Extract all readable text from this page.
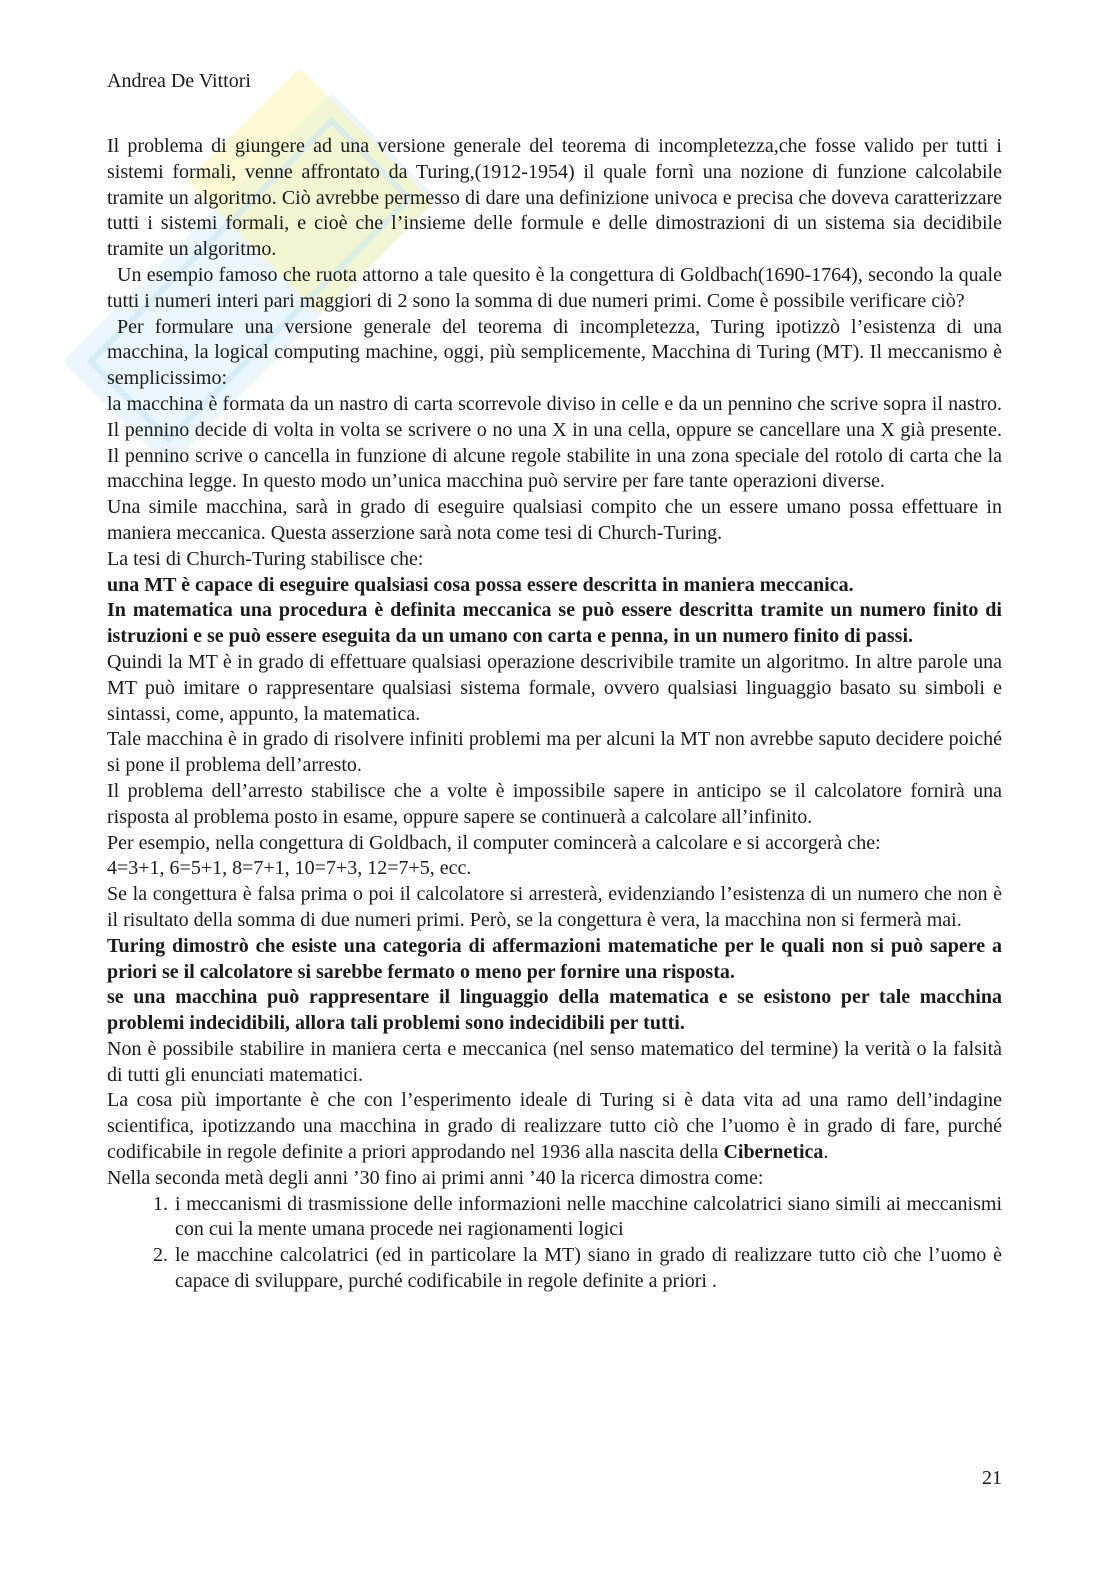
Andrea De Vittori

Il problema di giungere ad una versione generale del teorema di incompletezza,che fosse valido per tutti i sistemi formali, venne affrontato da Turing,(1912-1954) il quale fornì una nozione di funzione calcolabile tramite un algoritmo. Ciò avrebbe permesso di dare una definizione univoca e precisa che doveva caratterizzare tutti i sistemi formali, e cioè che l’insieme delle formule e delle dimostrazioni di un sistema sia decidibile tramite un algoritmo.

Un esempio famoso che ruota attorno a tale quesito è la congettura di Goldbach(1690-1764), secondo la quale tutti i numeri interi pari maggiori di 2 sono la somma di due numeri primi. Come è possibile verificare ciò?

Per formulare una versione generale del teorema di incompletezza, Turing ipotizzò l’esistenza di una macchina, la logical computing machine, oggi, più semplicemente, Macchina di Turing (MT). Il meccanismo è semplicissimo:

la macchina è formata da un nastro di carta scorrevole diviso in celle e da un pennino che scrive sopra il nastro. Il pennino decide di volta in volta se scrivere o no una X in una cella, oppure se cancellare una X già presente. Il pennino scrive o cancella in funzione di alcune regole stabilite in una zona speciale del rotolo di carta che la macchina legge. In questo modo un’unica macchina può servire per fare tante operazioni diverse.

Una simile macchina, sarà in grado di eseguire qualsiasi compito che un essere umano possa effettuare in maniera meccanica. Questa asserzione sarà nota come tesi di Church-Turing.

La tesi di Church-Turing stabilisce che:

una MT è capace di eseguire qualsiasi cosa possa essere descritta in maniera meccanica.

In matematica una procedura è definita meccanica se può essere descritta tramite un numero finito di istruzioni e se può essere eseguita da un umano con carta e penna, in un numero finito di passi.

Quindi la MT è in grado di effettuare qualsiasi operazione descrivibile tramite un algoritmo. In altre parole una MT può imitare o rappresentare qualsiasi sistema formale, ovvero qualsiasi linguaggio basato su simboli e sintassi, come, appunto, la matematica.

Tale macchina è in grado di risolvere infiniti problemi ma per alcuni la MT non avrebbe saputo decidere poiché si pone il problema dell’arresto.

Il problema dell’arresto stabilisce che a volte è impossibile sapere in anticipo se il calcolatore fornirà una risposta al problema posto in esame, oppure sapere se continuerà a calcolare all’infinito.

Per esempio, nella congettura di Goldbach, il computer comincerà a calcolare e si accorgerà che:

4=3+1, 6=5+1, 8=7+1, 10=7+3, 12=7+5, ecc.

Se la congettura è falsa prima o poi il calcolatore si arresterà, evidenziando l’esistenza di un numero che non è il risultato della somma di due numeri primi. Però, se la congettura è vera, la macchina non si fermerà mai.

Turing dimostrò che esiste una categoria di affermazioni matematiche per le quali non si può sapere a priori se il calcolatore si sarebbe fermato o meno per fornire una risposta.

se una macchina può rappresentare il linguaggio della matematica e se esistono per tale macchina problemi indecidibili, allora tali problemi sono indecidibili per tutti.

Non è possibile stabilire in maniera certa e meccanica (nel senso matematico del termine) la verità o la falsità di tutti gli enunciati matematici.

La cosa più importante è che con l’esperimento ideale di Turing si è data vita ad una ramo dell’indagine scientifica, ipotizzando una macchina in grado di realizzare tutto ciò che l’uomo è in grado di fare, purché codificabile in regole definite a priori approdando nel 1936 alla nascita della Cibernetica.

Nella seconda metà degli anni ’30 fino ai primi anni ’40 la ricerca dimostra come:

1. i meccanismi di trasmissione delle informazioni nelle macchine calcolatrici siano simili ai meccanismi con cui la mente umana procede nei ragionamenti logici
2. le macchine calcolatrici (ed in particolare la MT) siano in grado di realizzare tutto ciò che l’uomo è capace di sviluppare, purché codificabile in regole definite a priori .
21
